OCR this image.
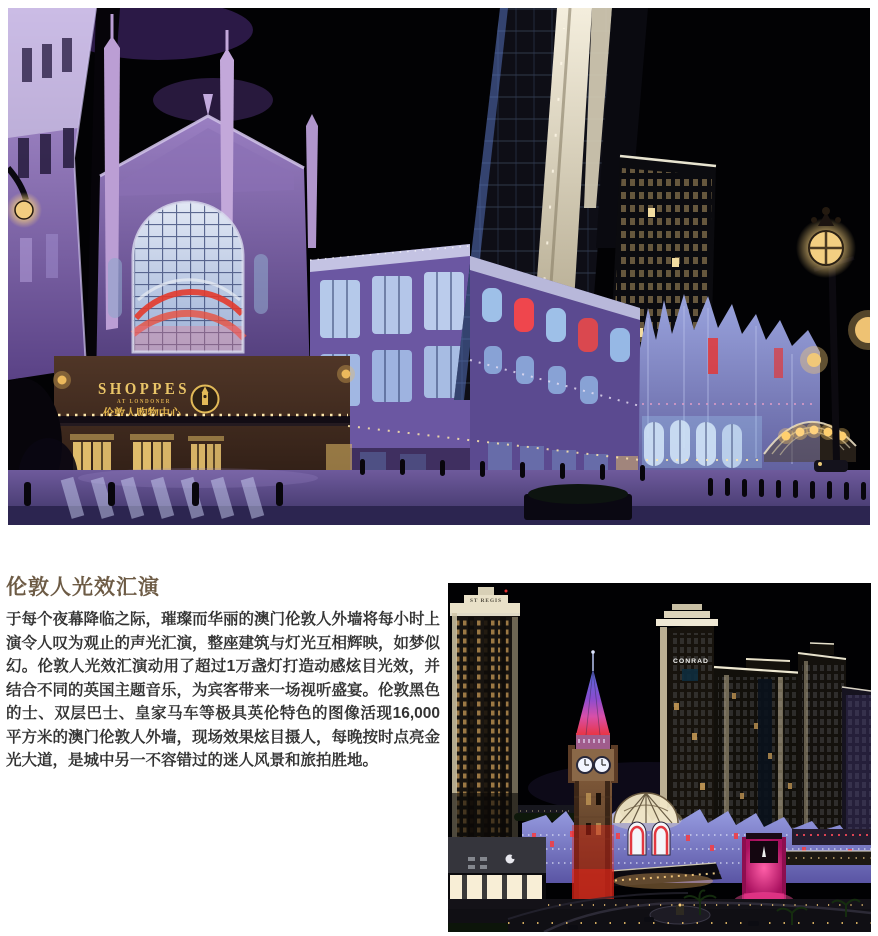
SHOPPES
AT LONDONER
伦敦人购物中心
伦敦人光效汇演

于每个夜幕降临之际，璀璨而华丽的澳门伦敦人外墙将每小时上演令人叹为观止的声光汇演，整座建筑与灯光互相辉映，如梦似幻。伦敦人光效汇演动用了超过1万盏灯打造动感炫目光效，并结合不同的英国主题音乐，为宾客带来一场视听盛宴。伦敦黑色的士、双层巴士、皇家马车等极具英伦特色的图像活现16,000平方米的澳门伦敦人外墙，现场效果炫目摄人，每晚按时点亮金光大道，是城中另一不容错过的迷人风景和旅拍胜地。

ST REGIS
CONRAD
